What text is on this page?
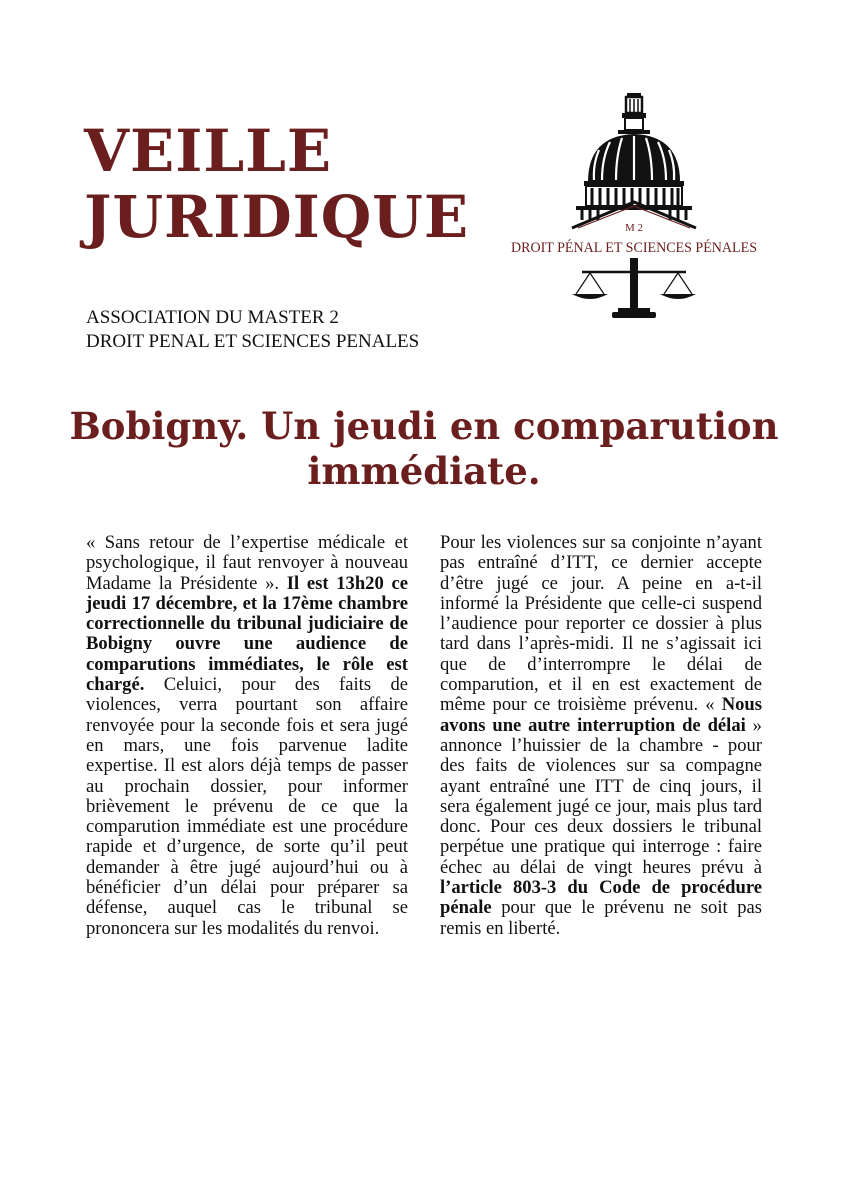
VEILLE
JURIDIQUE
ASSOCIATION DU MASTER 2
DROIT PENAL ET SCIENCES PENALES
M 2
DROIT PÉNAL ET SCIENCES PÉNALES
Bobigny. Un jeudi en comparution immédiate.
« Sans retour de l’expertise médicale et psychologique, il faut renvoyer à nouveau Madame la Présidente ». Il est 13h20 ce jeudi 17 décembre, et la 17ème chambre correctionnelle du tribunal judiciaire de Bobigny ouvre une audience de comparutions immédiates, le rôle est chargé. Celuici, pour des faits de violences, verra pourtant son affaire renvoyée pour la seconde fois et sera jugé en mars, une fois parvenue ladite expertise. Il est alors déjà temps de passer au prochain dossier, pour informer brièvement le prévenu de ce que la comparution immédiate est une procédure rapide et d’urgence, de sorte qu’il peut demander à être jugé aujourd’hui ou à bénéficier d’un délai pour préparer sa défense, auquel cas le tribunal se prononcera sur les modalités du renvoi.
Pour les violences sur sa conjointe n’ayant pas entraîné d’ITT, ce dernier accepte d’être jugé ce jour. A peine en a-t-il informé la Présidente que celle-ci suspend l’audience pour reporter ce dossier à plus tard dans l’après-midi. Il ne s’agissait ici que de d’interrompre le délai de comparution, et il en est exactement de même pour ce troisième prévenu. « Nous avons une autre interruption de délai » annonce l’huissier de la chambre - pour des faits de violences sur sa compagne ayant entraîné une ITT de cinq jours, il sera également jugé ce jour, mais plus tard donc. Pour ces deux dossiers le tribunal perpétue une pratique qui interroge : faire échec au délai de vingt heures prévu à l’article 803-3 du Code de procédure pénale pour que le prévenu ne soit pas remis en liberté.
